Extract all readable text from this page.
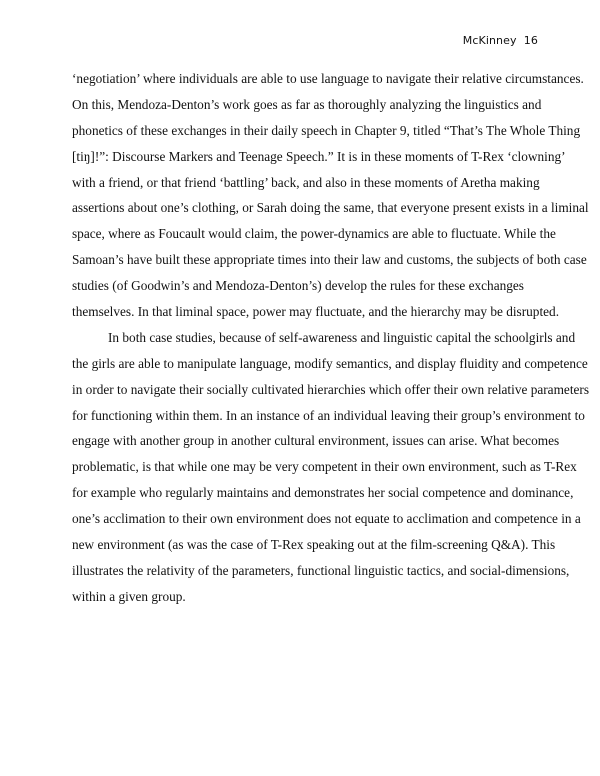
McKinney  16
‘negotiation’ where individuals are able to use language to navigate their relative circumstances.
On this, Mendoza-Denton’s work goes as far as thoroughly analyzing the linguistics and
phonetics of these exchanges in their daily speech in Chapter 9, titled “That’s The Whole Thing
[tiŋ]!”: Discourse Markers and Teenage Speech.” It is in these moments of T-Rex ‘clowning’
with a friend, or that friend ‘battling’ back, and also in these moments of Aretha making
assertions about one’s clothing, or Sarah doing the same, that everyone present exists in a liminal
space, where as Foucault would claim, the power-dynamics are able to fluctuate. While the
Samoan’s have built these appropriate times into their law and customs, the subjects of both case
studies (of Goodwin’s and Mendoza-Denton’s) develop the rules for these exchanges
themselves. In that liminal space, power may fluctuate, and the hierarchy may be disrupted.
In both case studies, because of self-awareness and linguistic capital the schoolgirls and
the girls are able to manipulate language, modify semantics, and display fluidity and competence
in order to navigate their socially cultivated hierarchies which offer their own relative parameters
for functioning within them. In an instance of an individual leaving their group’s environment to
engage with another group in another cultural environment, issues can arise. What becomes
problematic, is that while one may be very competent in their own environment, such as T-Rex
for example who regularly maintains and demonstrates her social competence and dominance,
one’s acclimation to their own environment does not equate to acclimation and competence in a
new environment (as was the case of T-Rex speaking out at the film-screening Q&A). This
illustrates the relativity of the parameters, functional linguistic tactics, and social-dimensions,
within a given group.
